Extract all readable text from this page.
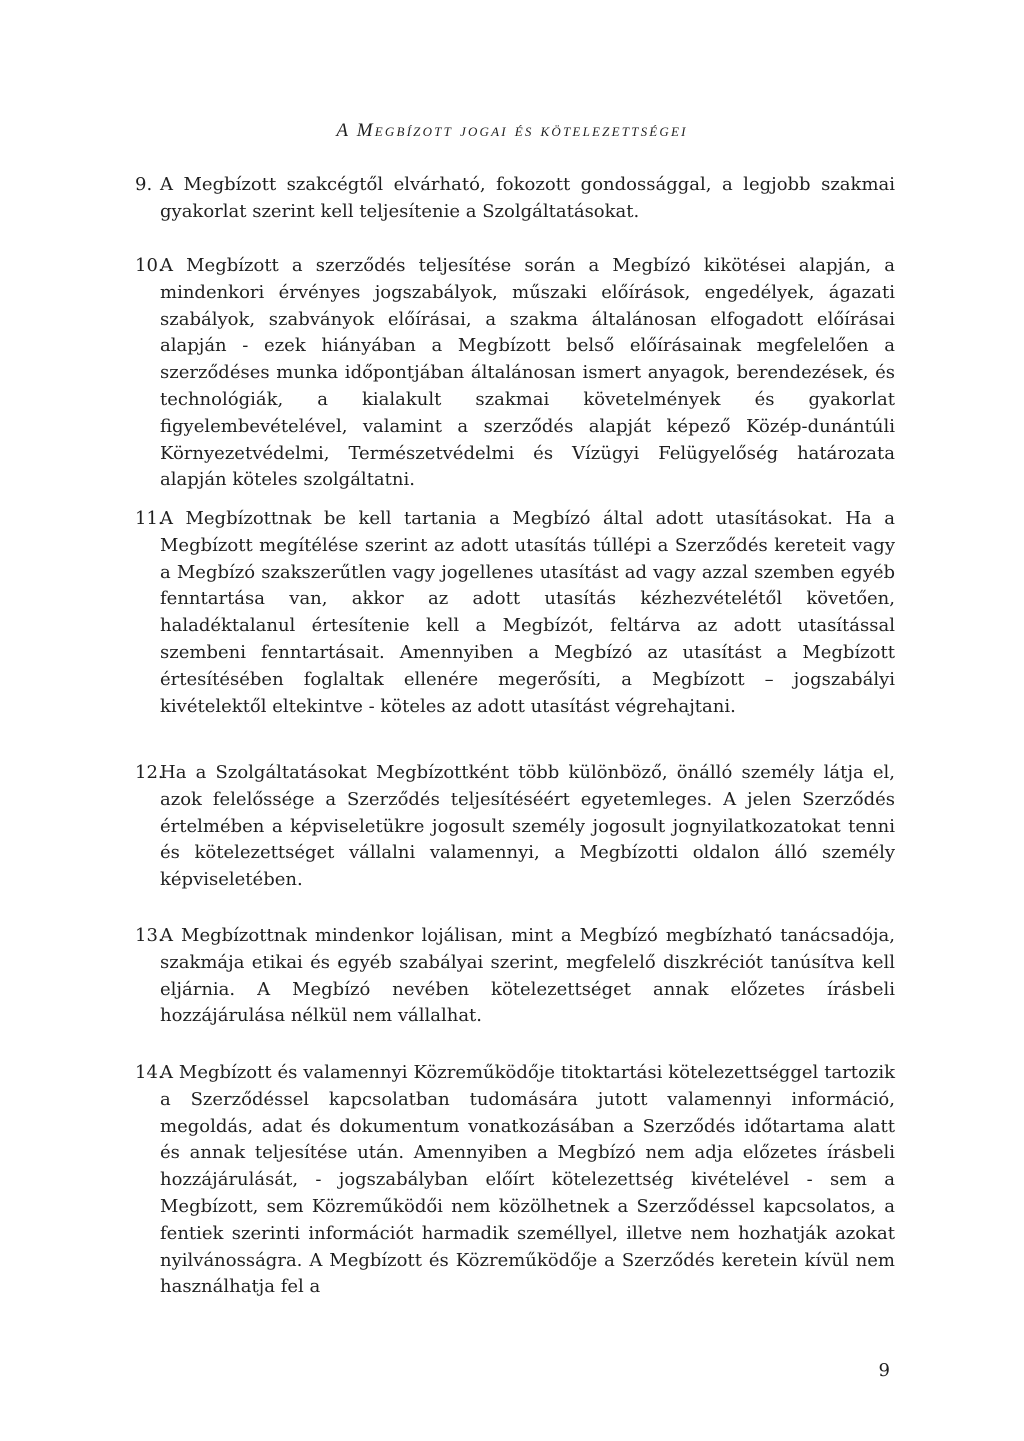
A Megbízott jogai és kötelezettségei
9. A Megbízott szakcégtől elvárható, fokozott gondossággal, a legjobb szakmai gyakorlat szerint kell teljesítenie a Szolgáltatásokat.
10.
A Megbízott a szerződés teljesítése során a Megbízó kikötései alapján, a mindenkori érvényes jogszabályok, műszaki előírások, engedélyek, ágazati szabályok, szabványok előírásai, a szakma általánosan elfogadott előírásai alapján - ezek hiányában a Megbízott belső előírásainak megfelelően a szerződéses munka időpontjában általánosan ismert anyagok, berendezések, és technológiák, a kialakult szakmai követelmények és gyakorlat figyelembevételével, valamint a szerződés alapját képező Közép-dunántúli Környezetvédelmi, Természetvédelmi és Vízügyi Felügyelőség határozata alapján köteles szolgáltatni.
11.
A Megbízottnak be kell tartania a Megbízó által adott utasításokat. Ha a Megbízott megítélése szerint az adott utasítás túllépi a Szerződés kereteit vagy a Megbízó szakszerűtlen vagy jogellenes utasítást ad vagy azzal szemben egyéb fenntartása van, akkor az adott utasítás kézhezvételétől követően, haladéktalanul értesítenie kell a Megbízót, feltárva az adott utasítással szembeni fenntartásait. Amennyiben a Megbízó az utasítást a Megbízott értesítésében foglaltak ellenére megerősíti, a Megbízott – jogszabályi kivételektől eltekintve - köteles az adott utasítást végrehajtani.
12.
Ha a Szolgáltatásokat Megbízottként több különböző, önálló személy látja el, azok felelőssége a Szerződés teljesítéséért egyetemleges. A jelen Szerződés értelmében a képviseletükre jogosult személy jogosult jognyilatkozatokat tenni és kötelezettséget vállalni valamennyi, a Megbízotti oldalon álló személy képviseletében.
13.
A Megbízottnak mindenkor lojálisan, mint a Megbízó megbízható tanácsadója, szakmája etikai és egyéb szabályai szerint, megfelelő diszkréciót tanúsítva kell eljárnia. A Megbízó nevében kötelezettséget annak előzetes írásbeli hozzájárulása nélkül nem vállalhat.
14.
A Megbízott és valamennyi Közreműködője titoktartási kötelezettséggel tartozik a Szerződéssel kapcsolatban tudomására jutott valamennyi információ, megoldás, adat és dokumentum vonatkozásában a Szerződés időtartama alatt és annak teljesítése után. Amennyiben a Megbízó nem adja előzetes írásbeli hozzájárulását, - jogszabályban előírt kötelezettség kivételével - sem a Megbízott, sem Közreműködői nem közölhetnek a Szerződéssel kapcsolatos, a fentiek szerinti információt harmadik személlyel, illetve nem hozhatják azokat nyilvánosságra. A Megbízott és Közreműködője a Szerződés keretein kívül nem használhatja fel a
9
